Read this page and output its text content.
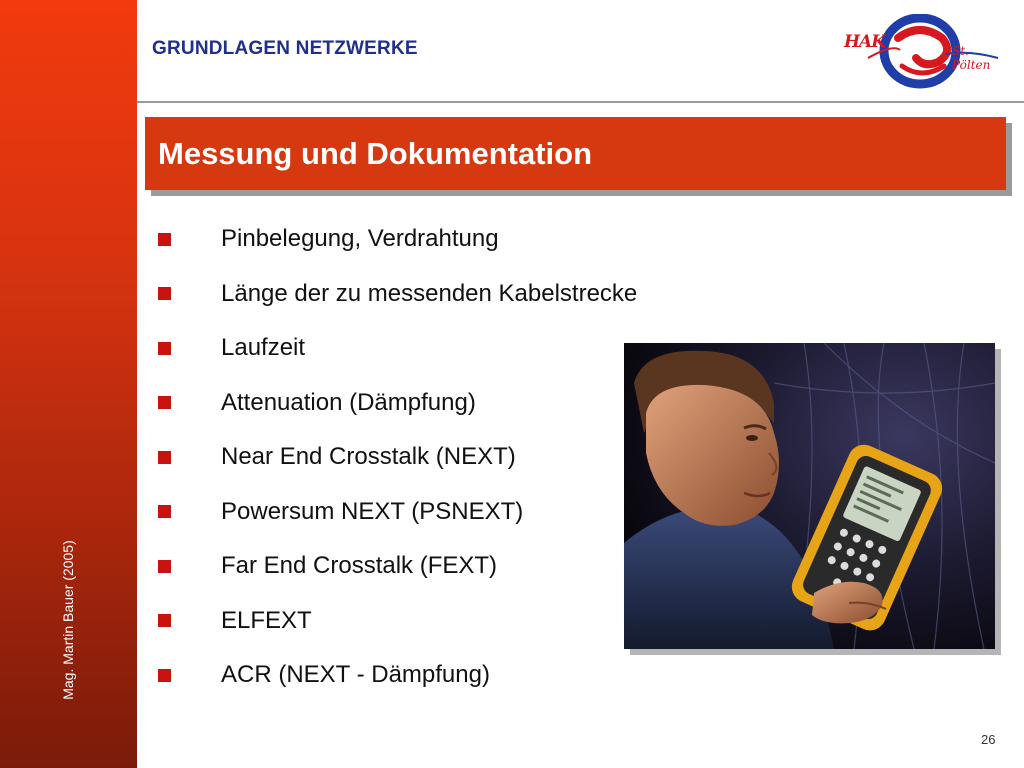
Mag. Martin Bauer (2005)
GRUNDLAGEN NETZWERKE	HAK	St. Pölten
Messung und Dokumentation
Pinbelegung, Verdrahtung
Länge der zu messenden Kabelstrecke
Laufzeit
Attenuation (Dämpfung)
Near End Crosstalk (NEXT)
Powersum NEXT (PSNEXT)
Far End Crosstalk (FEXT)
ELFEXT
ACR (NEXT - Dämpfung)
26
